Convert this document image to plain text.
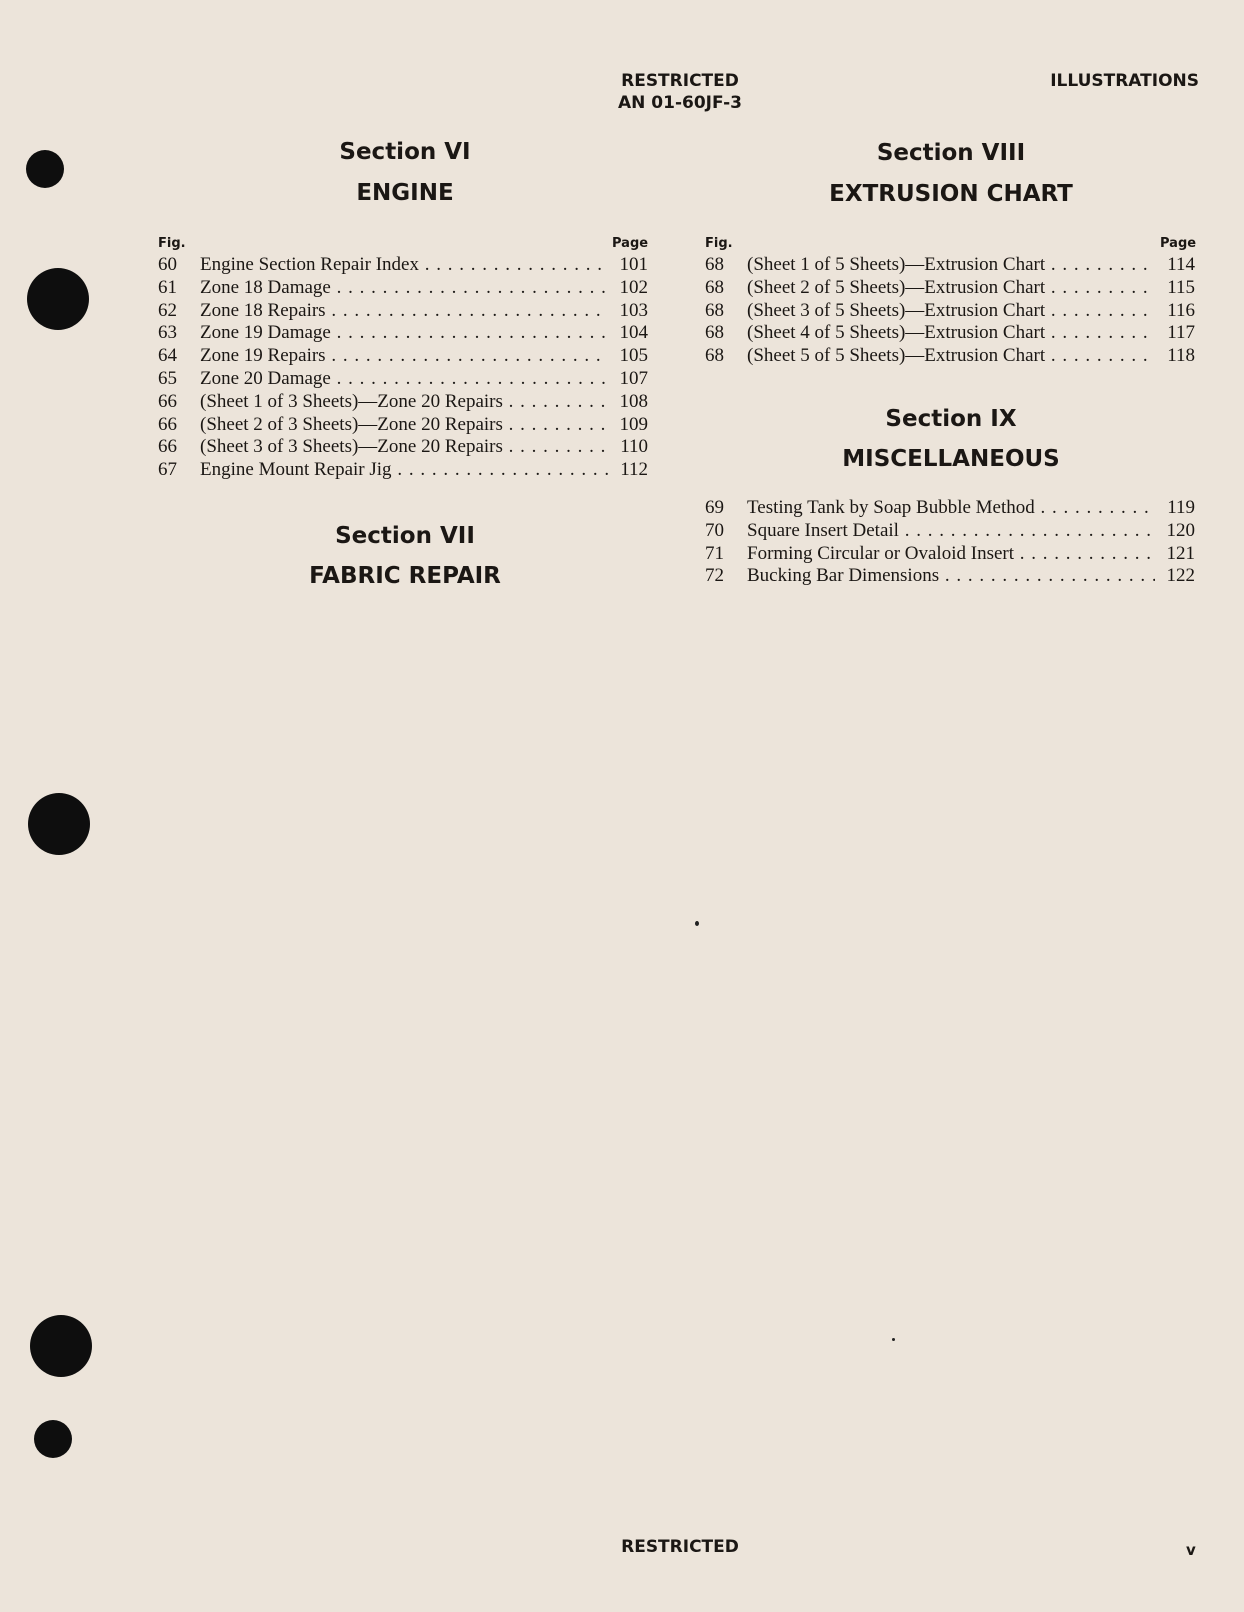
RESTRICTED
AN 01-60JF-3
ILLUSTRATIONS
Section VI
ENGINE
Fig.	Page
60	Engine Section Repair Index . . .	101
61	Zone 18 Damage . . .	102
62	Zone 18 Repairs . . .	103
63	Zone 19 Damage . . .	104
64	Zone 19 Repairs . . .	105
65	Zone 20 Damage . . .	107
66	(Sheet 1 of 3 Sheets)—Zone 20 Repairs . . .	108
66	(Sheet 2 of 3 Sheets)—Zone 20 Repairs . . .	109
66	(Sheet 3 of 3 Sheets)—Zone 20 Repairs . . .	110
67	Engine Mount Repair Jig . . .	112
Section VII
FABRIC REPAIR
Section VIII
EXTRUSION CHART
Fig.	Page
68	(Sheet 1 of 5 Sheets)—Extrusion Chart . . .	114
68	(Sheet 2 of 5 Sheets)—Extrusion Chart . . .	115
68	(Sheet 3 of 5 Sheets)—Extrusion Chart . . .	116
68	(Sheet 4 of 5 Sheets)—Extrusion Chart . . .	117
68	(Sheet 5 of 5 Sheets)—Extrusion Chart . . .	118
Section IX
MISCELLANEOUS
69	Testing Tank by Soap Bubble Method . . .	119
70	Square Insert Detail . . .	120
71	Forming Circular or Ovaloid Insert . . .	121
72	Bucking Bar Dimensions . . .	122
RESTRICTED	v
